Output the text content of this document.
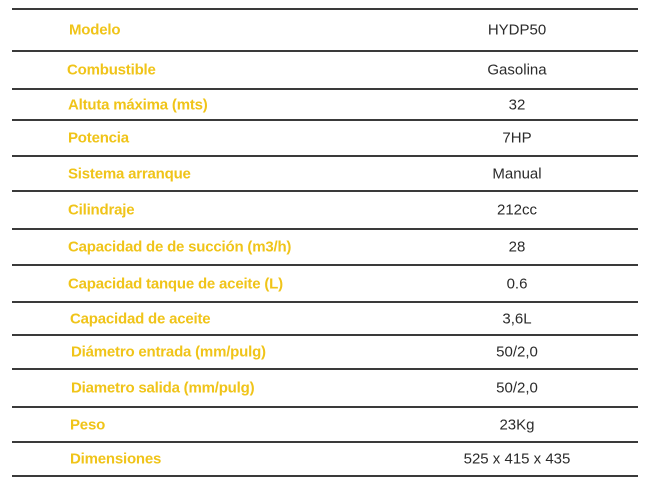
Modelo	HYDP50
Combustible	Gasolina
Altuta máxima (mts)	32
Potencia	7HP
Sistema arranque	Manual
Cilindraje	212cc
Capacidad de de succión (m3/h)	28
Capacidad tanque de aceite (L)	0.6
Capacidad de aceite	3,6L
Diámetro entrada (mm/pulg)	50/2,0
Diametro salida (mm/pulg)	50/2,0
Peso	23Kg
Dimensiones	525 x 415 x 435
